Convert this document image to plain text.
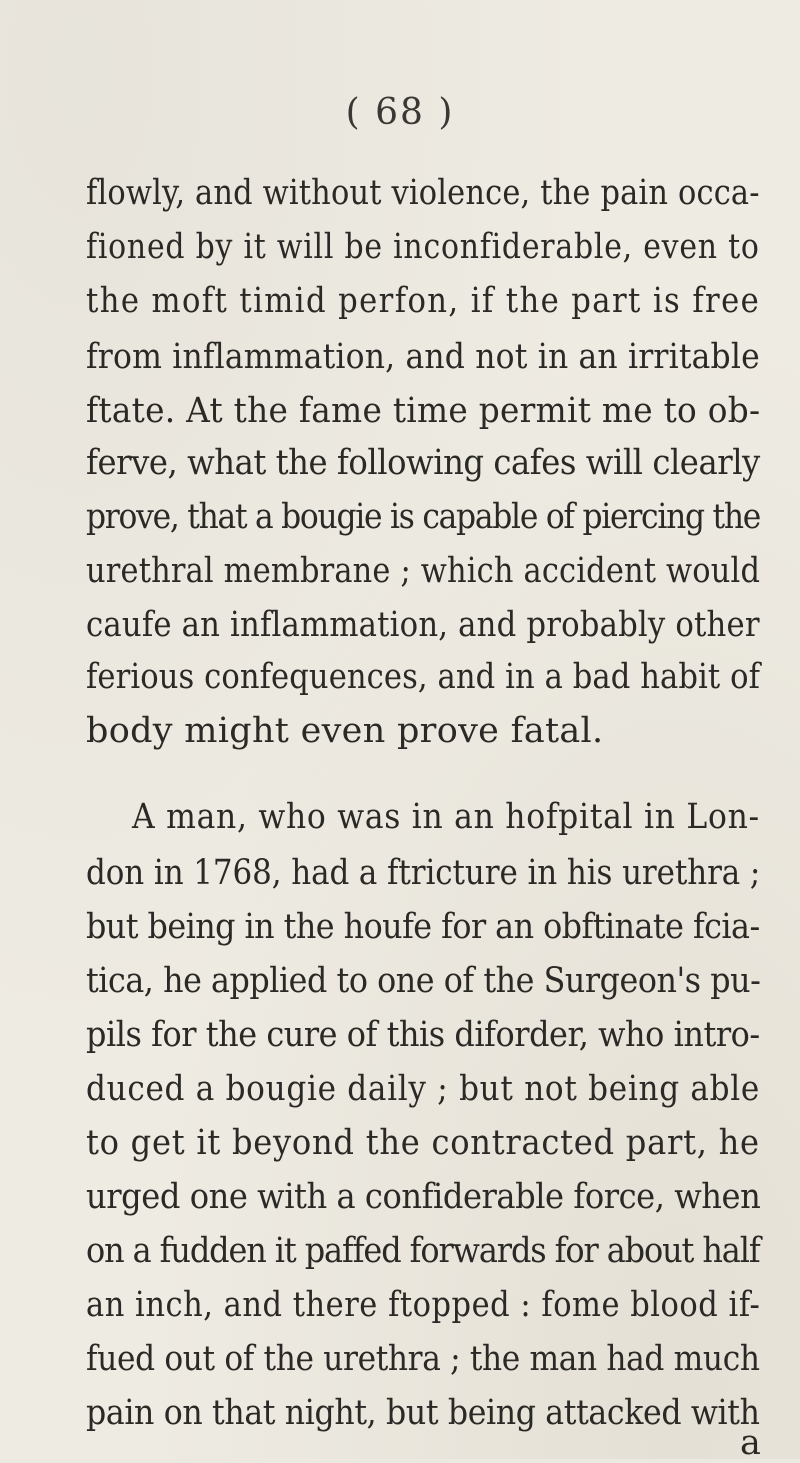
( 68 )
flowly, and without violence, the pain occa-
fioned by it will be inconfiderable, even to
the moft timid perfon, if the part is free
from inflammation, and not in an irritable
ftate. At the fame time permit me to ob-
ferve, what the following cafes will clearly
prove, that a bougie is capable of piercing the
urethral membrane ; which accident would
caufe an inflammation, and probably other
ferious confequences, and in a bad habit of
body might even prove fatal.
A man, who was in an hofpital in Lon-
don in 1768, had a ftricture in his urethra ;
but being in the houfe for an obftinate fcia-
tica, he applied to one of the Surgeon's pu-
pils for the cure of this diforder, who intro-
duced a bougie daily ; but not being able
to get it beyond the contracted part, he
urged one with a confiderable force, when
on a fudden it paffed forwards for about half
an inch, and there ftopped : fome blood if-
fued out of the urethra ; the man had much
pain on that night, but being attacked with
a
